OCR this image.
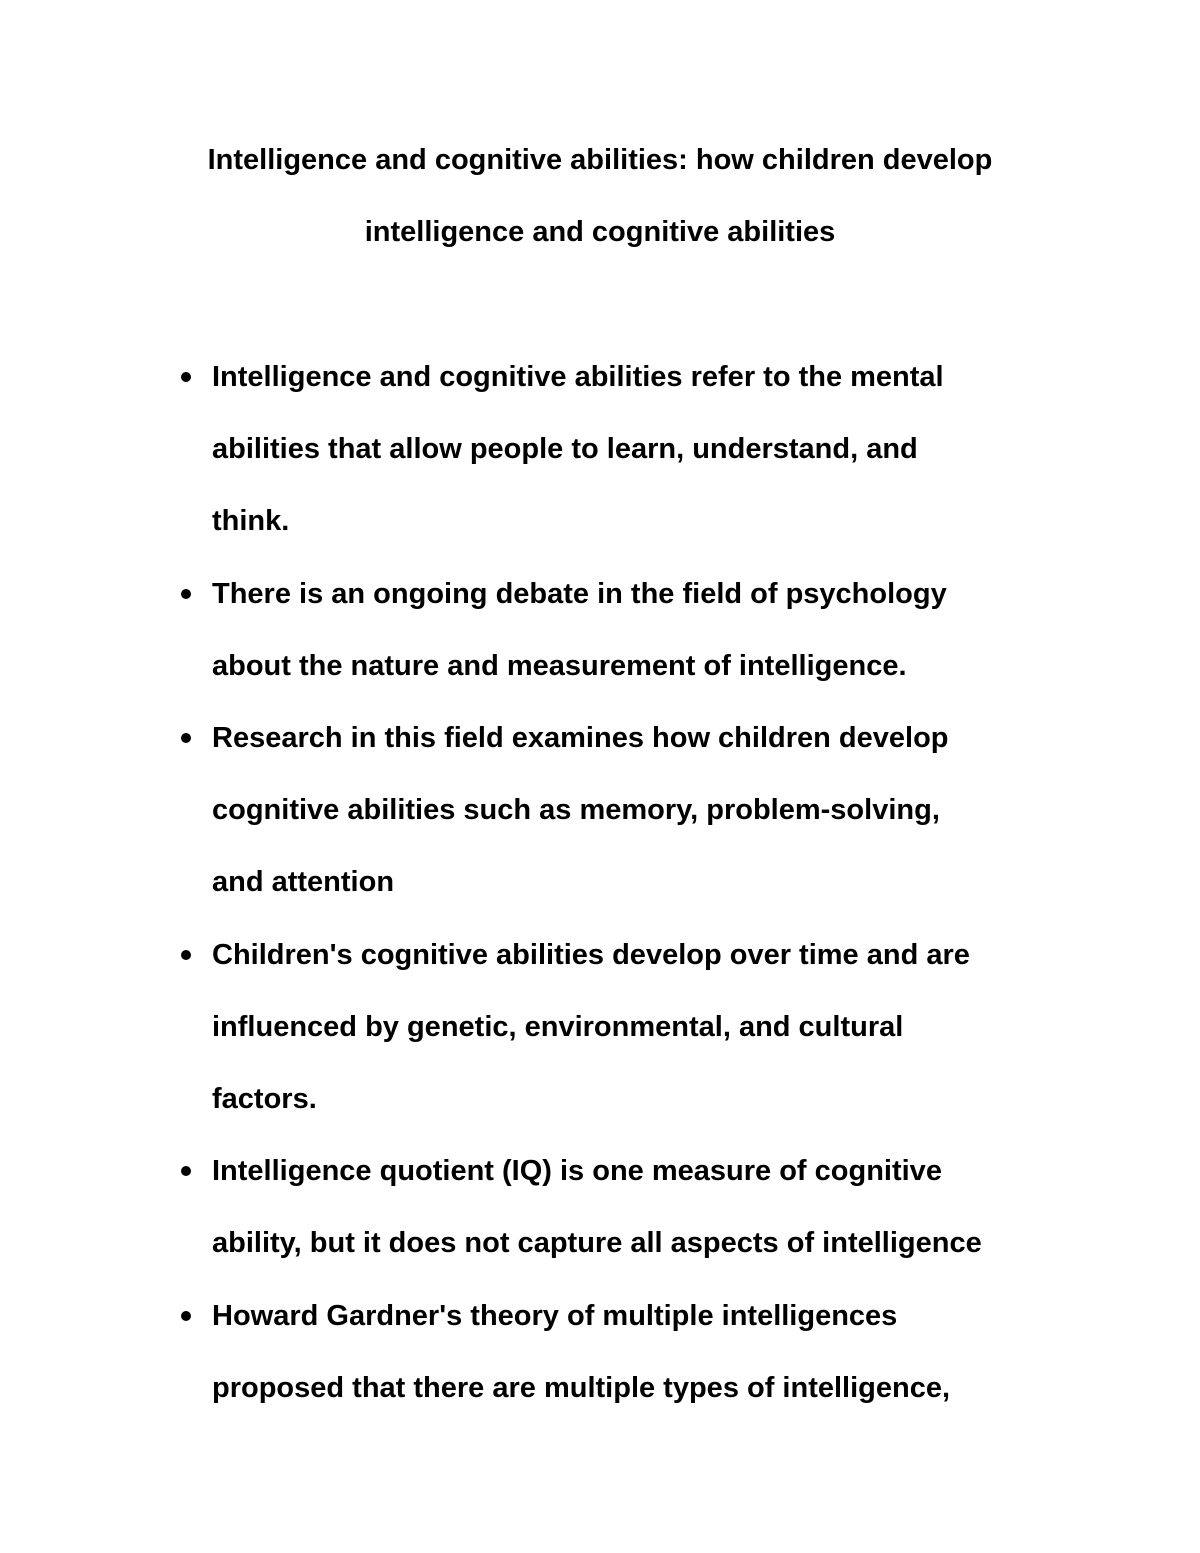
Intelligence and cognitive abilities: how children develop
intelligence and cognitive abilities
Intelligence and cognitive abilities refer to the mental
abilities that allow people to learn, understand, and
think.
There is an ongoing debate in the field of psychology
about the nature and measurement of intelligence.
Research in this field examines how children develop
cognitive abilities such as memory, problem-solving,
and attention
Children's cognitive abilities develop over time and are
influenced by genetic, environmental, and cultural
factors.
Intelligence quotient (IQ) is one measure of cognitive
ability, but it does not capture all aspects of intelligence
Howard Gardner's theory of multiple intelligences
proposed that there are multiple types of intelligence,
